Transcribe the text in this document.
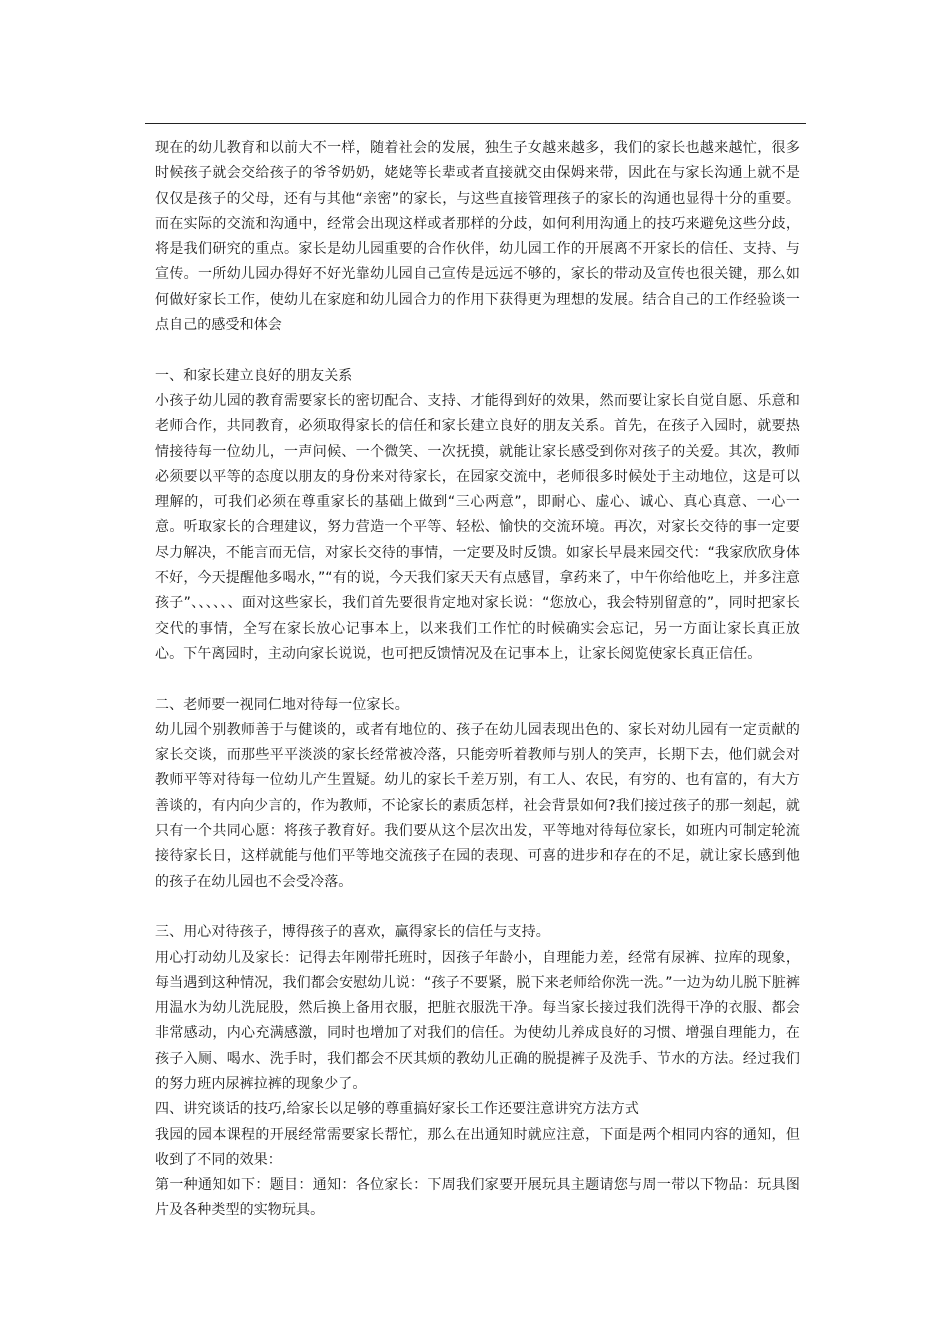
现在的幼儿教育和以前大不一样，随着社会的发展，独生子女越来越多，我们的家长也越来越忙，很多时候孩子就会交给孩子的爷爷奶奶，姥姥等长辈或者直接就交由保姆来带，因此在与家长沟通上就不是仅仅是孩子的父母，还有与其他“亲密”的家长，与这些直接管理孩子的家长的沟通也显得十分的重要。而在实际的交流和沟通中，经常会出现这样或者那样的分歧，如何利用沟通上的技巧来避免这些分歧，将是我们研究的重点。家长是幼儿园重要的合作伙伴，幼儿园工作的开展离不开家长的信任、支持、与宣传。一所幼儿园办得好不好光靠幼儿园自己宣传是远远不够的，家长的带动及宣传也很关键，那么如何做好家长工作，使幼儿在家庭和幼儿园合力的作用下获得更为理想的发展。结合自己的工作经验谈一点自己的感受和体会

一、和家长建立良好的朋友关系

小孩子幼儿园的教育需要家长的密切配合、支持、才能得到好的效果，然而要让家长自觉自愿、乐意和老师合作，共同教育，必须取得家长的信任和家长建立良好的朋友关系。首先，在孩子入园时，就要热情接待每一位幼儿，一声问候、一个微笑、一次抚摸，就能让家长感受到你对孩子的关爱。其次，教师必须要以平等的态度以朋友的身份来对待家长，在园家交流中，老师很多时候处于主动地位，这是可以理解的，可我们必须在尊重家长的基础上做到“三心两意”，即耐心、虚心、诚心、真心真意、一心一意。听取家长的合理建议，努力营造一个平等、轻松、愉快的交流环境。再次，对家长交待的事一定要尽力解决，不能言而无信，对家长交待的事情，一定要及时反馈。如家长早晨来园交代：“我家欣欣身体不好，今天提醒他多喝水，”“有的说，今天我们家天天有点感冒，拿药来了，中午你给他吃上，并多注意孩子”、、、、、、面对这些家长，我们首先要很肯定地对家长说：“您放心，我会特别留意的”，同时把家长交代的事情，全写在家长放心记事本上，以来我们工作忙的时候确实会忘记，另一方面让家长真正放心。下午离园时，主动向家长说说，也可把反馈情况及在记事本上，让家长阅览使家长真正信任。

二、老师要一视同仁地对待每一位家长。

幼儿园个别教师善于与健谈的，或者有地位的、孩子在幼儿园表现出色的、家长对幼儿园有一定贡献的家长交谈，而那些平平淡淡的家长经常被冷落，只能旁听着教师与别人的笑声，长期下去，他们就会对教师平等对待每一位幼儿产生置疑。幼儿的家长千差万别，有工人、农民，有穷的、也有富的，有大方善谈的，有内向少言的，作为教师，不论家长的素质怎样，社会背景如何?我们接过孩子的那一刻起，就只有一个共同心愿：将孩子教育好。我们要从这个层次出发，平等地对待每位家长，如班内可制定轮流接待家长日，这样就能与他们平等地交流孩子在园的表现、可喜的进步和存在的不足，就让家长感到他的孩子在幼儿园也不会受冷落。

三、用心对待孩子，博得孩子的喜欢，赢得家长的信任与支持。

用心打动幼儿及家长：记得去年刚带托班时，因孩子年龄小，自理能力差，经常有尿裤、拉库的现象，每当遇到这种情况，我们都会安慰幼儿说：“孩子不要紧，脱下来老师给你洗一洗。”一边为幼儿脱下脏裤用温水为幼儿洗屁股，然后换上备用衣服，把脏衣服洗干净。每当家长接过我们洗得干净的衣服、都会非常感动，内心充满感激，同时也增加了对我们的信任。为使幼儿养成良好的习惯、增强自理能力，在孩子入厕、喝水、洗手时，我们都会不厌其烦的教幼儿正确的脱提裤子及洗手、节水的方法。经过我们的努力班内尿裤拉裤的现象少了。

四、讲究谈话的技巧,给家长以足够的尊重搞好家长工作还要注意讲究方法方式

我园的园本课程的开展经常需要家长帮忙，那么在出通知时就应注意，下面是两个相同内容的通知，但收到了不同的效果：

第一种通知如下：题目：通知：各位家长：下周我们家要开展玩具主题请您与周一带以下物品：玩具图片及各种类型的实物玩具。
